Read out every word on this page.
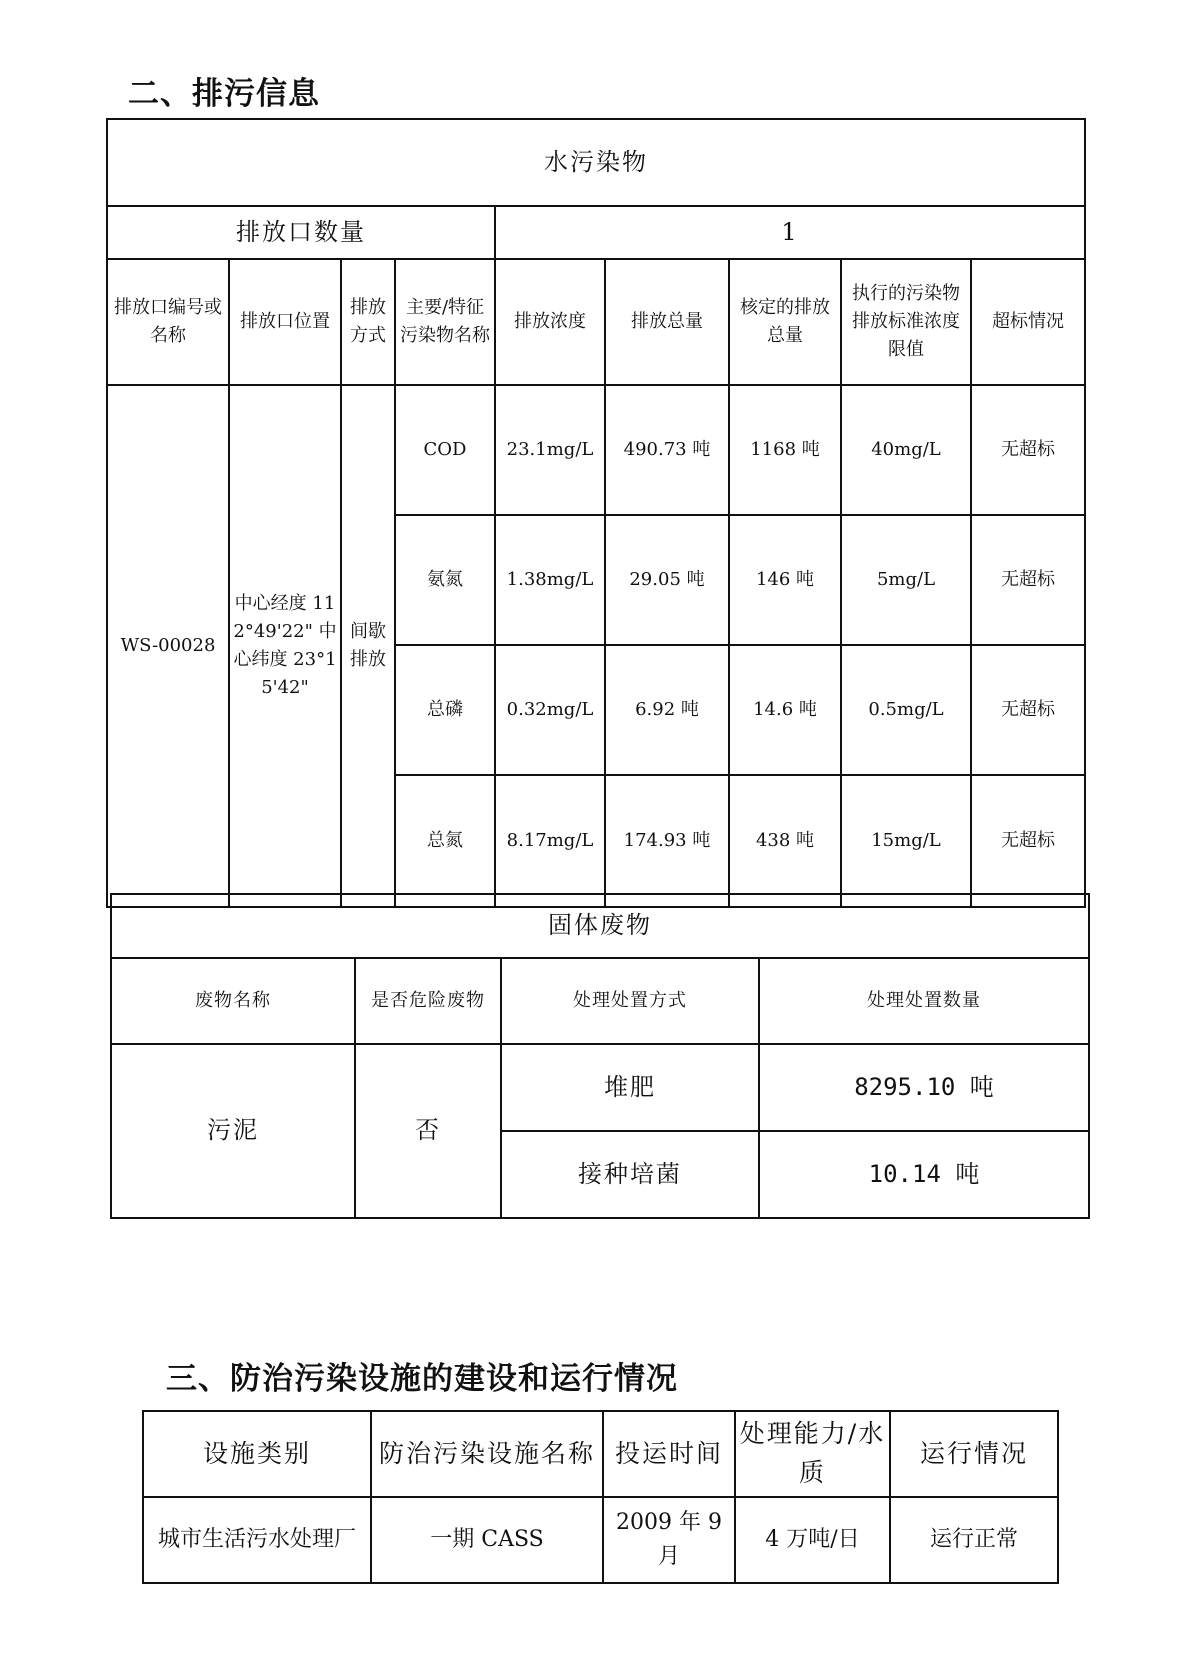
二、排污信息
水污染物								
排放口数量				1				
排放口编号或名称	排放口位置	排放方式	主要/特征污染物名称	排放浓度	排放总量	核定的排放总量	执行的污染物排放标准浓度限值	超标情况
WS-00028	中心经度 112°49'22" 中心纬度 23°15'42"	间歇排放	COD	23.1mg/L	490.73 吨	1168 吨	40mg/L	无超标
			氨氮	1.38mg/L	29.05 吨	146 吨	5mg/L	无超标
			总磷	0.32mg/L	6.92 吨	14.6 吨	0.5mg/L	无超标
			总氮	8.17mg/L	174.93 吨	438 吨	15mg/L	无超标
固体废物			
废物名称	是否危险废物	处理处置方式	处理处置数量
污泥	否	堆肥	8295.10 吨
		接种培菌	10.14 吨
三、防治污染设施的建设和运行情况
设施类别	防治污染设施名称	投运时间	处理能力/水质	运行情况
城市生活污水处理厂	一期 CASS	2009 年 9 月	4 万吨/日	运行正常
